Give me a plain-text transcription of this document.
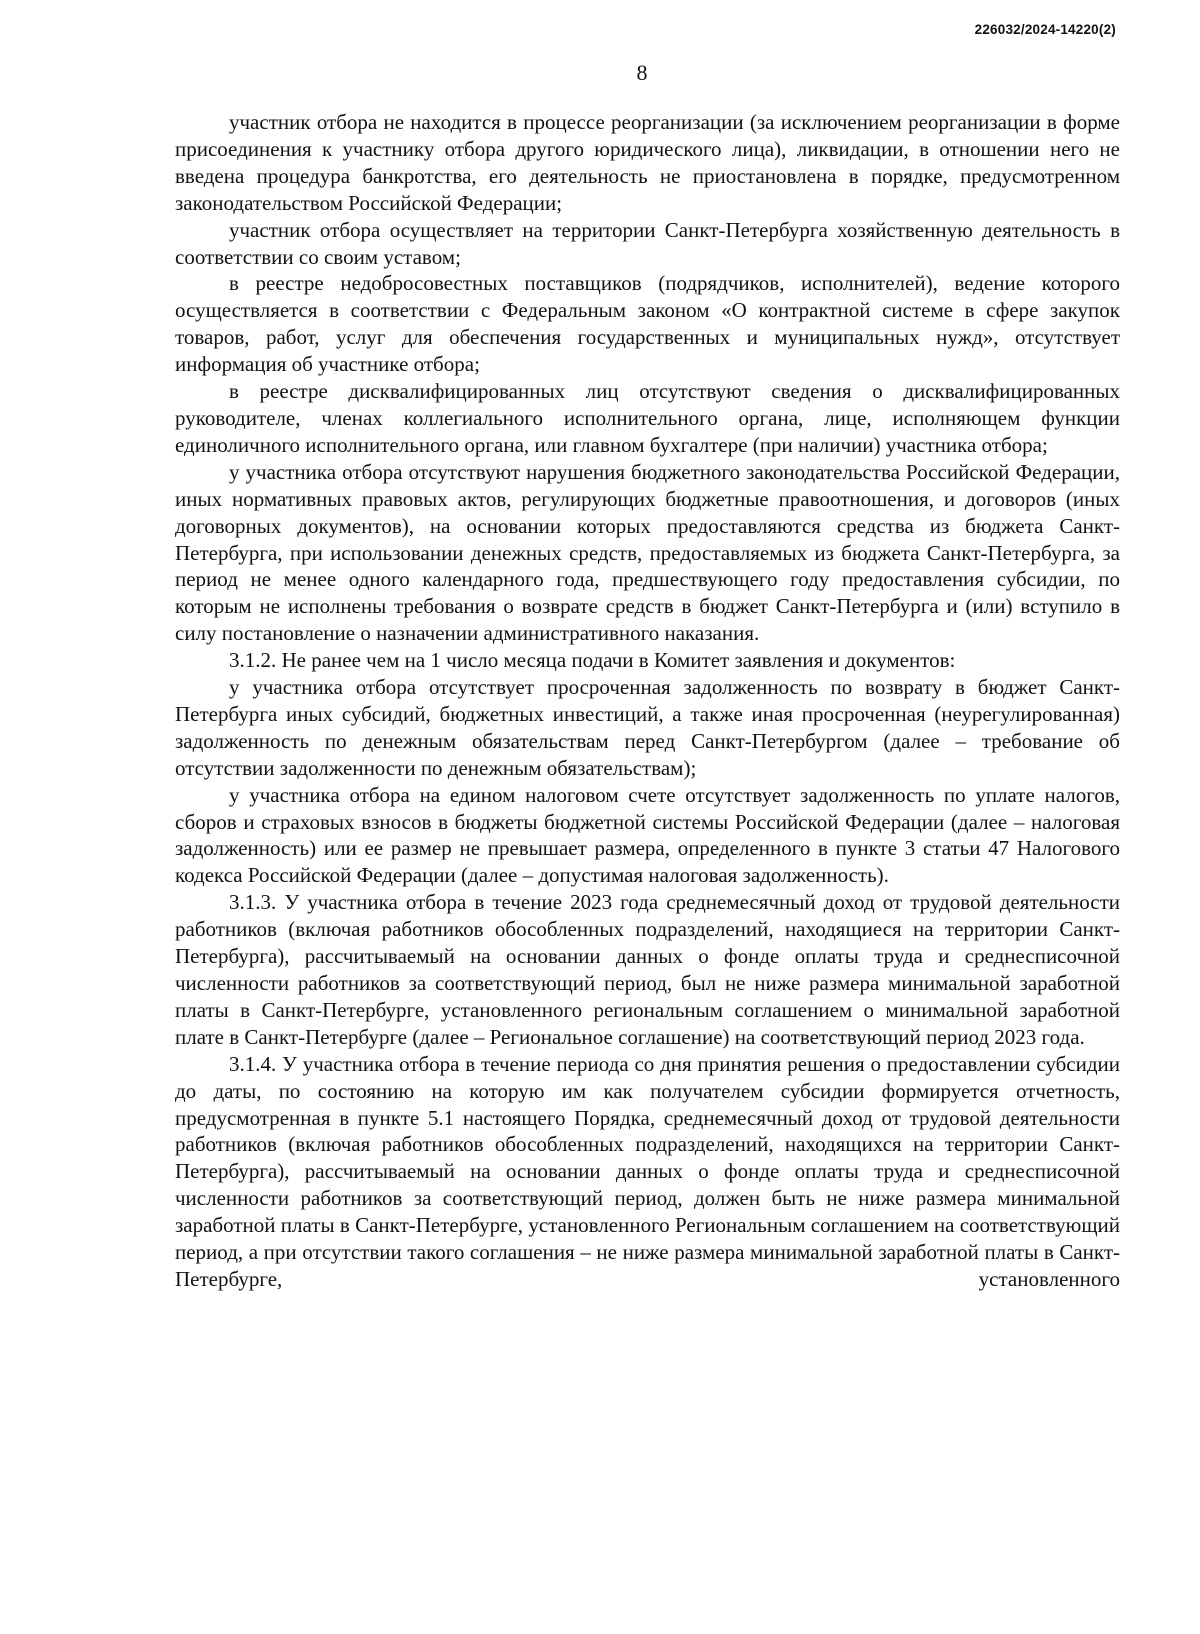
226032/2024-14220(2)
8

участник отбора не находится в процессе реорганизации (за исключением реорганизации в форме присоединения к участнику отбора другого юридического лица), ликвидации, в отношении него не введена процедура банкротства, его деятельность не приостановлена в порядке, предусмотренном законодательством Российской Федерации;

участник отбора осуществляет на территории Санкт-Петербурга хозяйственную деятельность в соответствии со своим уставом;

в реестре недобросовестных поставщиков (подрядчиков, исполнителей), ведение которого осуществляется в соответствии с Федеральным законом «О контрактной системе в сфере закупок товаров, работ, услуг для обеспечения государственных и муниципальных нужд», отсутствует информация об участнике отбора;

в реестре дисквалифицированных лиц отсутствуют сведения о дисквалифицированных руководителе, членах коллегиального исполнительного органа, лице, исполняющем функции единоличного исполнительного органа, или главном бухгалтере (при наличии) участника отбора;

у участника отбора отсутствуют нарушения бюджетного законодательства Российской Федерации, иных нормативных правовых актов, регулирующих бюджетные правоотношения, и договоров (иных договорных документов), на основании которых предоставляются средства из бюджета Санкт-Петербурга, при использовании денежных средств, предоставляемых из бюджета Санкт-Петербурга, за период не менее одного календарного года, предшествующего году предоставления субсидии, по которым не исполнены требования о возврате средств в бюджет Санкт-Петербурга и (или) вступило в силу постановление о назначении административного наказания.

3.1.2. Не ранее чем на 1 число месяца подачи в Комитет заявления и документов:

у участника отбора отсутствует просроченная задолженность по возврату в бюджет Санкт-Петербурга иных субсидий, бюджетных инвестиций, а также иная просроченная (неурегулированная) задолженность по денежным обязательствам перед Санкт-Петербургом (далее – требование об отсутствии задолженности по денежным обязательствам);

у участника отбора на едином налоговом счете отсутствует задолженность по уплате налогов, сборов и страховых взносов в бюджеты бюджетной системы Российской Федерации (далее – налоговая задолженность) или ее размер не превышает размера, определенного в пункте 3 статьи 47 Налогового кодекса Российской Федерации (далее – допустимая налоговая задолженность).

3.1.3. У участника отбора в течение 2023 года среднемесячный доход от трудовой деятельности работников (включая работников обособленных подразделений, находящиеся на территории Санкт-Петербурга), рассчитываемый на основании данных о фонде оплаты труда и среднесписочной численности работников за соответствующий период, был не ниже размера минимальной заработной платы в Санкт-Петербурге, установленного региональным соглашением о минимальной заработной плате в Санкт-Петербурге (далее – Региональное соглашение) на соответствующий период 2023 года.

3.1.4. У участника отбора в течение периода со дня принятия решения о предоставлении субсидии до даты, по состоянию на которую им как получателем субсидии формируется отчетность, предусмотренная в пункте 5.1 настоящего Порядка, среднемесячный доход от трудовой деятельности работников (включая работников обособленных подразделений, находящихся на территории Санкт-Петербурга), рассчитываемый на основании данных о фонде оплаты труда и среднесписочной численности работников за соответствующий период, должен быть не ниже размера минимальной заработной платы в Санкт-Петербурге, установленного Региональным соглашением на соответствующий период, а при отсутствии такого соглашения – не ниже размера минимальной заработной платы в Санкт-Петербурге, установленного
